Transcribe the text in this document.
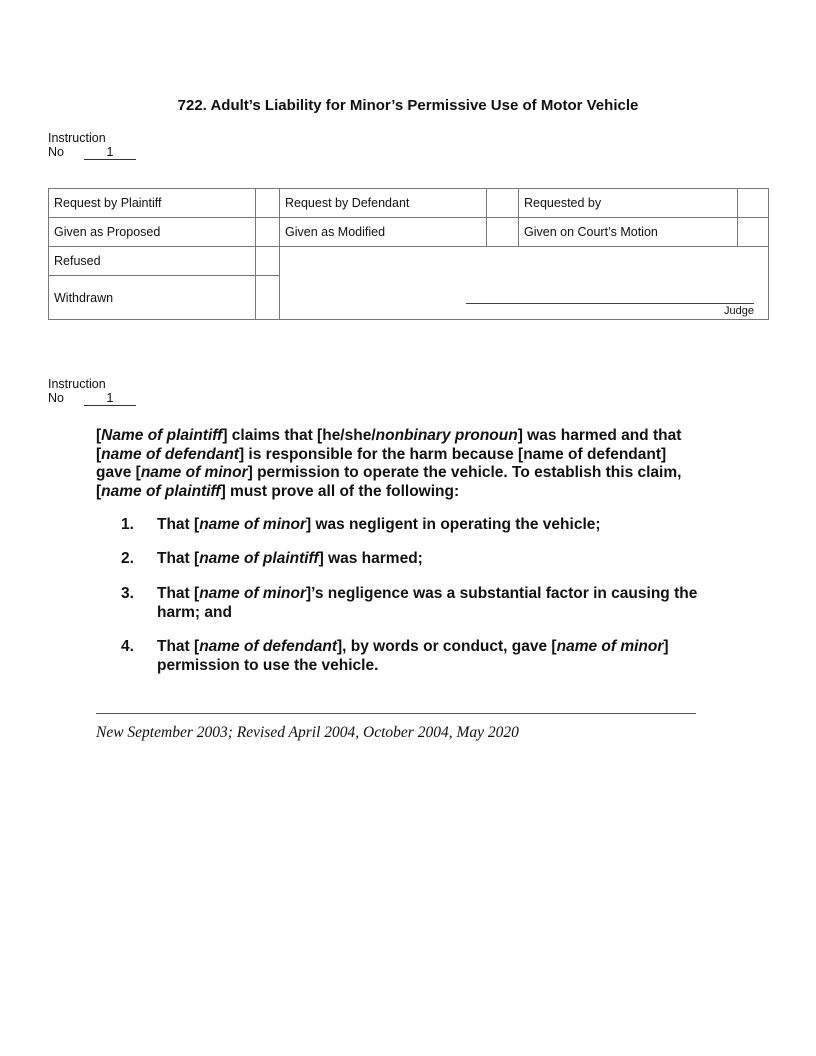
722. Adult’s Liability for Minor’s Permissive Use of Motor Vehicle
Instruction
No	1
Request by Plaintiff		Request by Defendant		Requested by	
Given as Proposed		Given as Modified		Given on Court’s Motion	
Refused					
Withdrawn					
Judge
Instruction
No	1
[Name of plaintiff] claims that [he/she/nonbinary pronoun] was harmed and that
[name of defendant] is responsible for the harm because [name of defendant]
gave [name of minor] permission to operate the vehicle. To establish this claim,
[name of plaintiff] must prove all of the following:
1. That [name of minor] was negligent in operating the vehicle;
2. That [name of plaintiff] was harmed;
3. That [name of minor]’s negligence was a substantial factor in causing the
harm; and
4. That [name of defendant], by words or conduct, gave [name of minor]
permission to use the vehicle.
New September 2003; Revised April 2004, October 2004, May 2020
